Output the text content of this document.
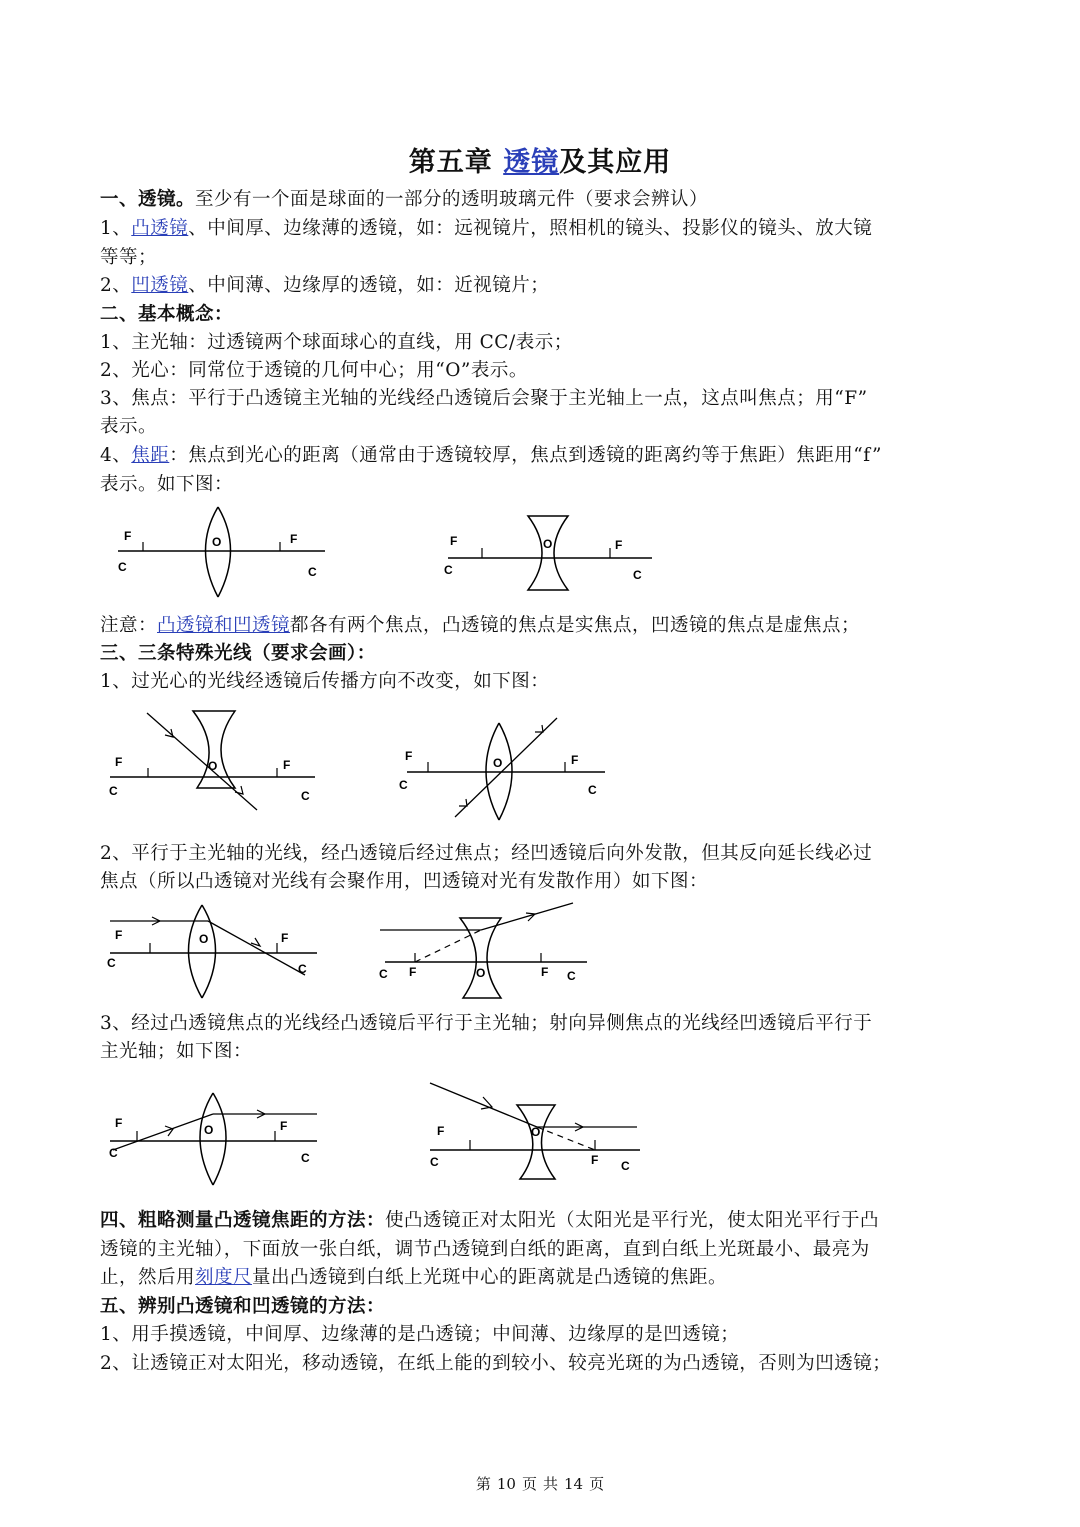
第五章 透镜及其应用
一、透镜。至少有一个面是球面的一部分的透明玻璃元件（要求会辨认）
1、凸透镜、中间厚、边缘薄的透镜，如：远视镜片，照相机的镜头、投影仪的镜头、放大镜
等等；
2、凹透镜、中间薄、边缘厚的透镜，如：近视镜片；
二、基本概念：
1、主光轴：过透镜两个球面球心的直线，用 CC/表示；
2、光心：同常位于透镜的几何中心；用“O”表示。
3、焦点：平行于凸透镜主光轴的光线经凸透镜后会聚于主光轴上一点，这点叫焦点；用“F”
表示。
4、焦距：焦点到光心的距离（通常由于透镜较厚，焦点到透镜的距离约等于焦距）焦距用“f”
表示。如下图：
F	F
O
C	C
F	F
O
C	C
注意：凸透镜和凹透镜都各有两个焦点，凸透镜的焦点是实焦点，凹透镜的焦点是虚焦点；
三、三条特殊光线（要求会画）：
1、过光心的光线经透镜后传播方向不改变，如下图：
F	F
O
C	C
F	F
O
C	C
2、平行于主光轴的光线，经凸透镜后经过焦点；经凹透镜后向外发散，但其反向延长线必过
焦点（所以凸透镜对光线有会聚作用，凹透镜对光有发散作用）如下图：
F	F
O
C	C	F	F
O
C	C
3、经过凸透镜焦点的光线经凸透镜后平行于主光轴；射向异侧焦点的光线经凹透镜后平行于
主光轴；如下图：
F	F
O
C	C
F
F
O
C	C
四、粗略测量凸透镜焦距的方法：使凸透镜正对太阳光（太阳光是平行光，使太阳光平行于凸
透镜的主光轴），下面放一张白纸，调节凸透镜到白纸的距离，直到白纸上光斑最小、最亮为
止，然后用刻度尺量出凸透镜到白纸上光斑中心的距离就是凸透镜的焦距。
五、辨别凸透镜和凹透镜的方法：
1、用手摸透镜，中间厚、边缘薄的是凸透镜；中间薄、边缘厚的是凹透镜；
2、让透镜正对太阳光，移动透镜，在纸上能的到较小、较亮光斑的为凸透镜，否则为凹透镜；
第 10 页 共 14 页
